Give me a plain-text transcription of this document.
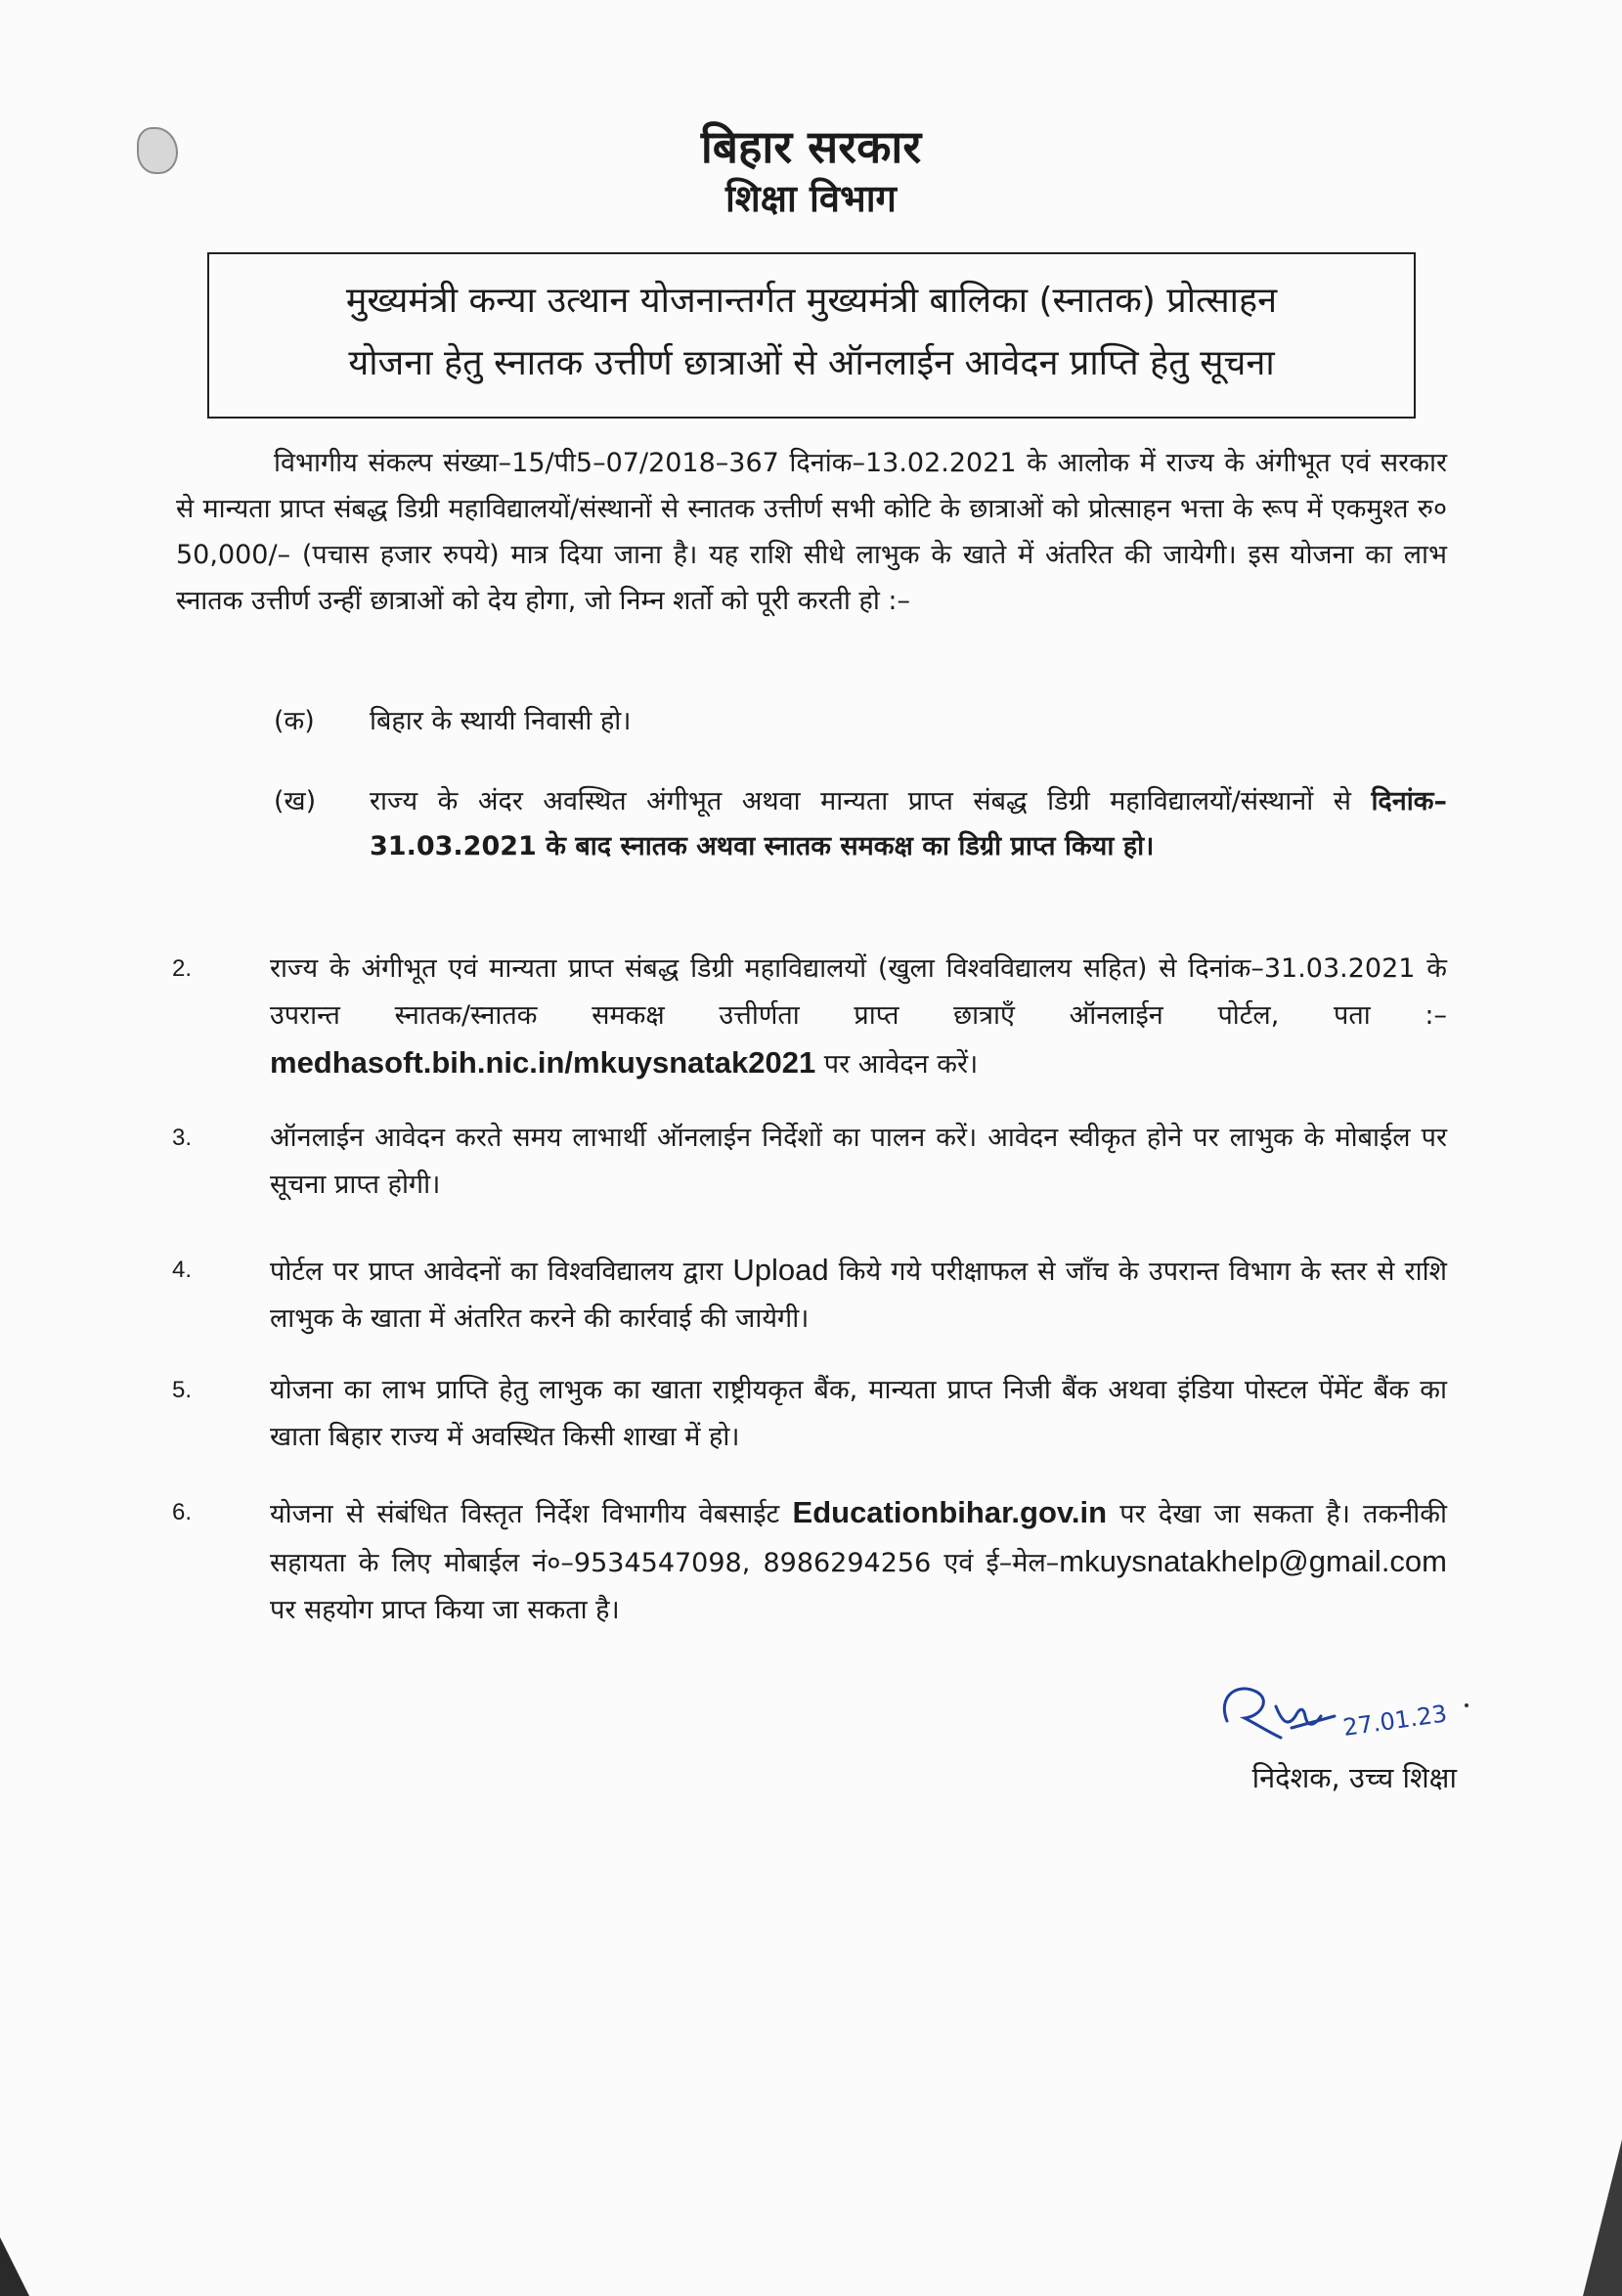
बिहार सरकार
शिक्षा विभाग
मुख्यमंत्री कन्या उत्थान योजनान्तर्गत मुख्यमंत्री बालिका (स्नातक) प्रोत्साहन
योजना हेतु स्नातक उत्तीर्ण छात्राओं से ऑनलाईन आवेदन प्राप्ति हेतु सूचना
विभागीय संकल्प संख्या–15/पी5–07/2018–367 दिनांक–13.02.2021 के आलोक में राज्य के अंगीभूत एवं सरकार से मान्यता प्राप्त संबद्ध डिग्री महाविद्यालयों/संस्थानों से स्नातक उत्तीर्ण सभी कोटि के छात्राओं को प्रोत्साहन भत्ता के रूप में एकमुश्त रु० 50,000/– (पचास हजार रुपये) मात्र दिया जाना है। यह राशि सीधे लाभुक के खाते में अंतरित की जायेगी। इस योजना का लाभ स्नातक उत्तीर्ण उन्हीं छात्राओं को देय होगा, जो निम्न शर्तो को पूरी करती हो :–
(क)	बिहार के स्थायी निवासी हो।
(ख)	राज्य के अंदर अवस्थित अंगीभूत अथवा मान्यता प्राप्त संबद्ध डिग्री महाविद्यालयों/संस्थानों से दिनांक–31.03.2021 के बाद स्नातक अथवा स्नातक समकक्ष का डिग्री प्राप्त किया हो।
2.	राज्य के अंगीभूत एवं मान्यता प्राप्त संबद्ध डिग्री महाविद्यालयों (खुला विश्वविद्यालय सहित) से दिनांक–31.03.2021 के उपरान्त स्नातक/स्नातक समकक्ष उत्तीर्णता प्राप्त छात्राएँ ऑनलाईन पोर्टल, पता :–medhasoft.bih.nic.in/mkuysnatak2021 पर आवेदन करें।
3.	ऑनलाईन आवेदन करते समय लाभार्थी ऑनलाईन निर्देशों का पालन करें। आवेदन स्वीकृत होने पर लाभुक के मोबाईल पर सूचना प्राप्त होगी।
4.	पोर्टल पर प्राप्त आवेदनों का विश्वविद्यालय द्वारा Upload किये गये परीक्षाफल से जाँच के उपरान्त विभाग के स्तर से राशि लाभुक के खाता में अंतरित करने की कार्रवाई की जायेगी।
5.	योजना का लाभ प्राप्ति हेतु लाभुक का खाता राष्ट्रीयकृत बैंक, मान्यता प्राप्त निजी बैंक अथवा इंडिया पोस्टल पेंमेंट बैंक का खाता बिहार राज्य में अवस्थित किसी शाखा में हो।
6.	योजना से संबंधित विस्तृत निर्देश विभागीय वेबसाईट Educationbihar.gov.in पर देखा जा सकता है। तकनीकी सहायता के लिए मोबाईल नं०–9534547098, 8986294256 एवं ई–मेल–mkuysnatakhelp@gmail.com पर सहयोग प्राप्त किया जा सकता है।
27.01.23
निदेशक, उच्च शिक्षा
